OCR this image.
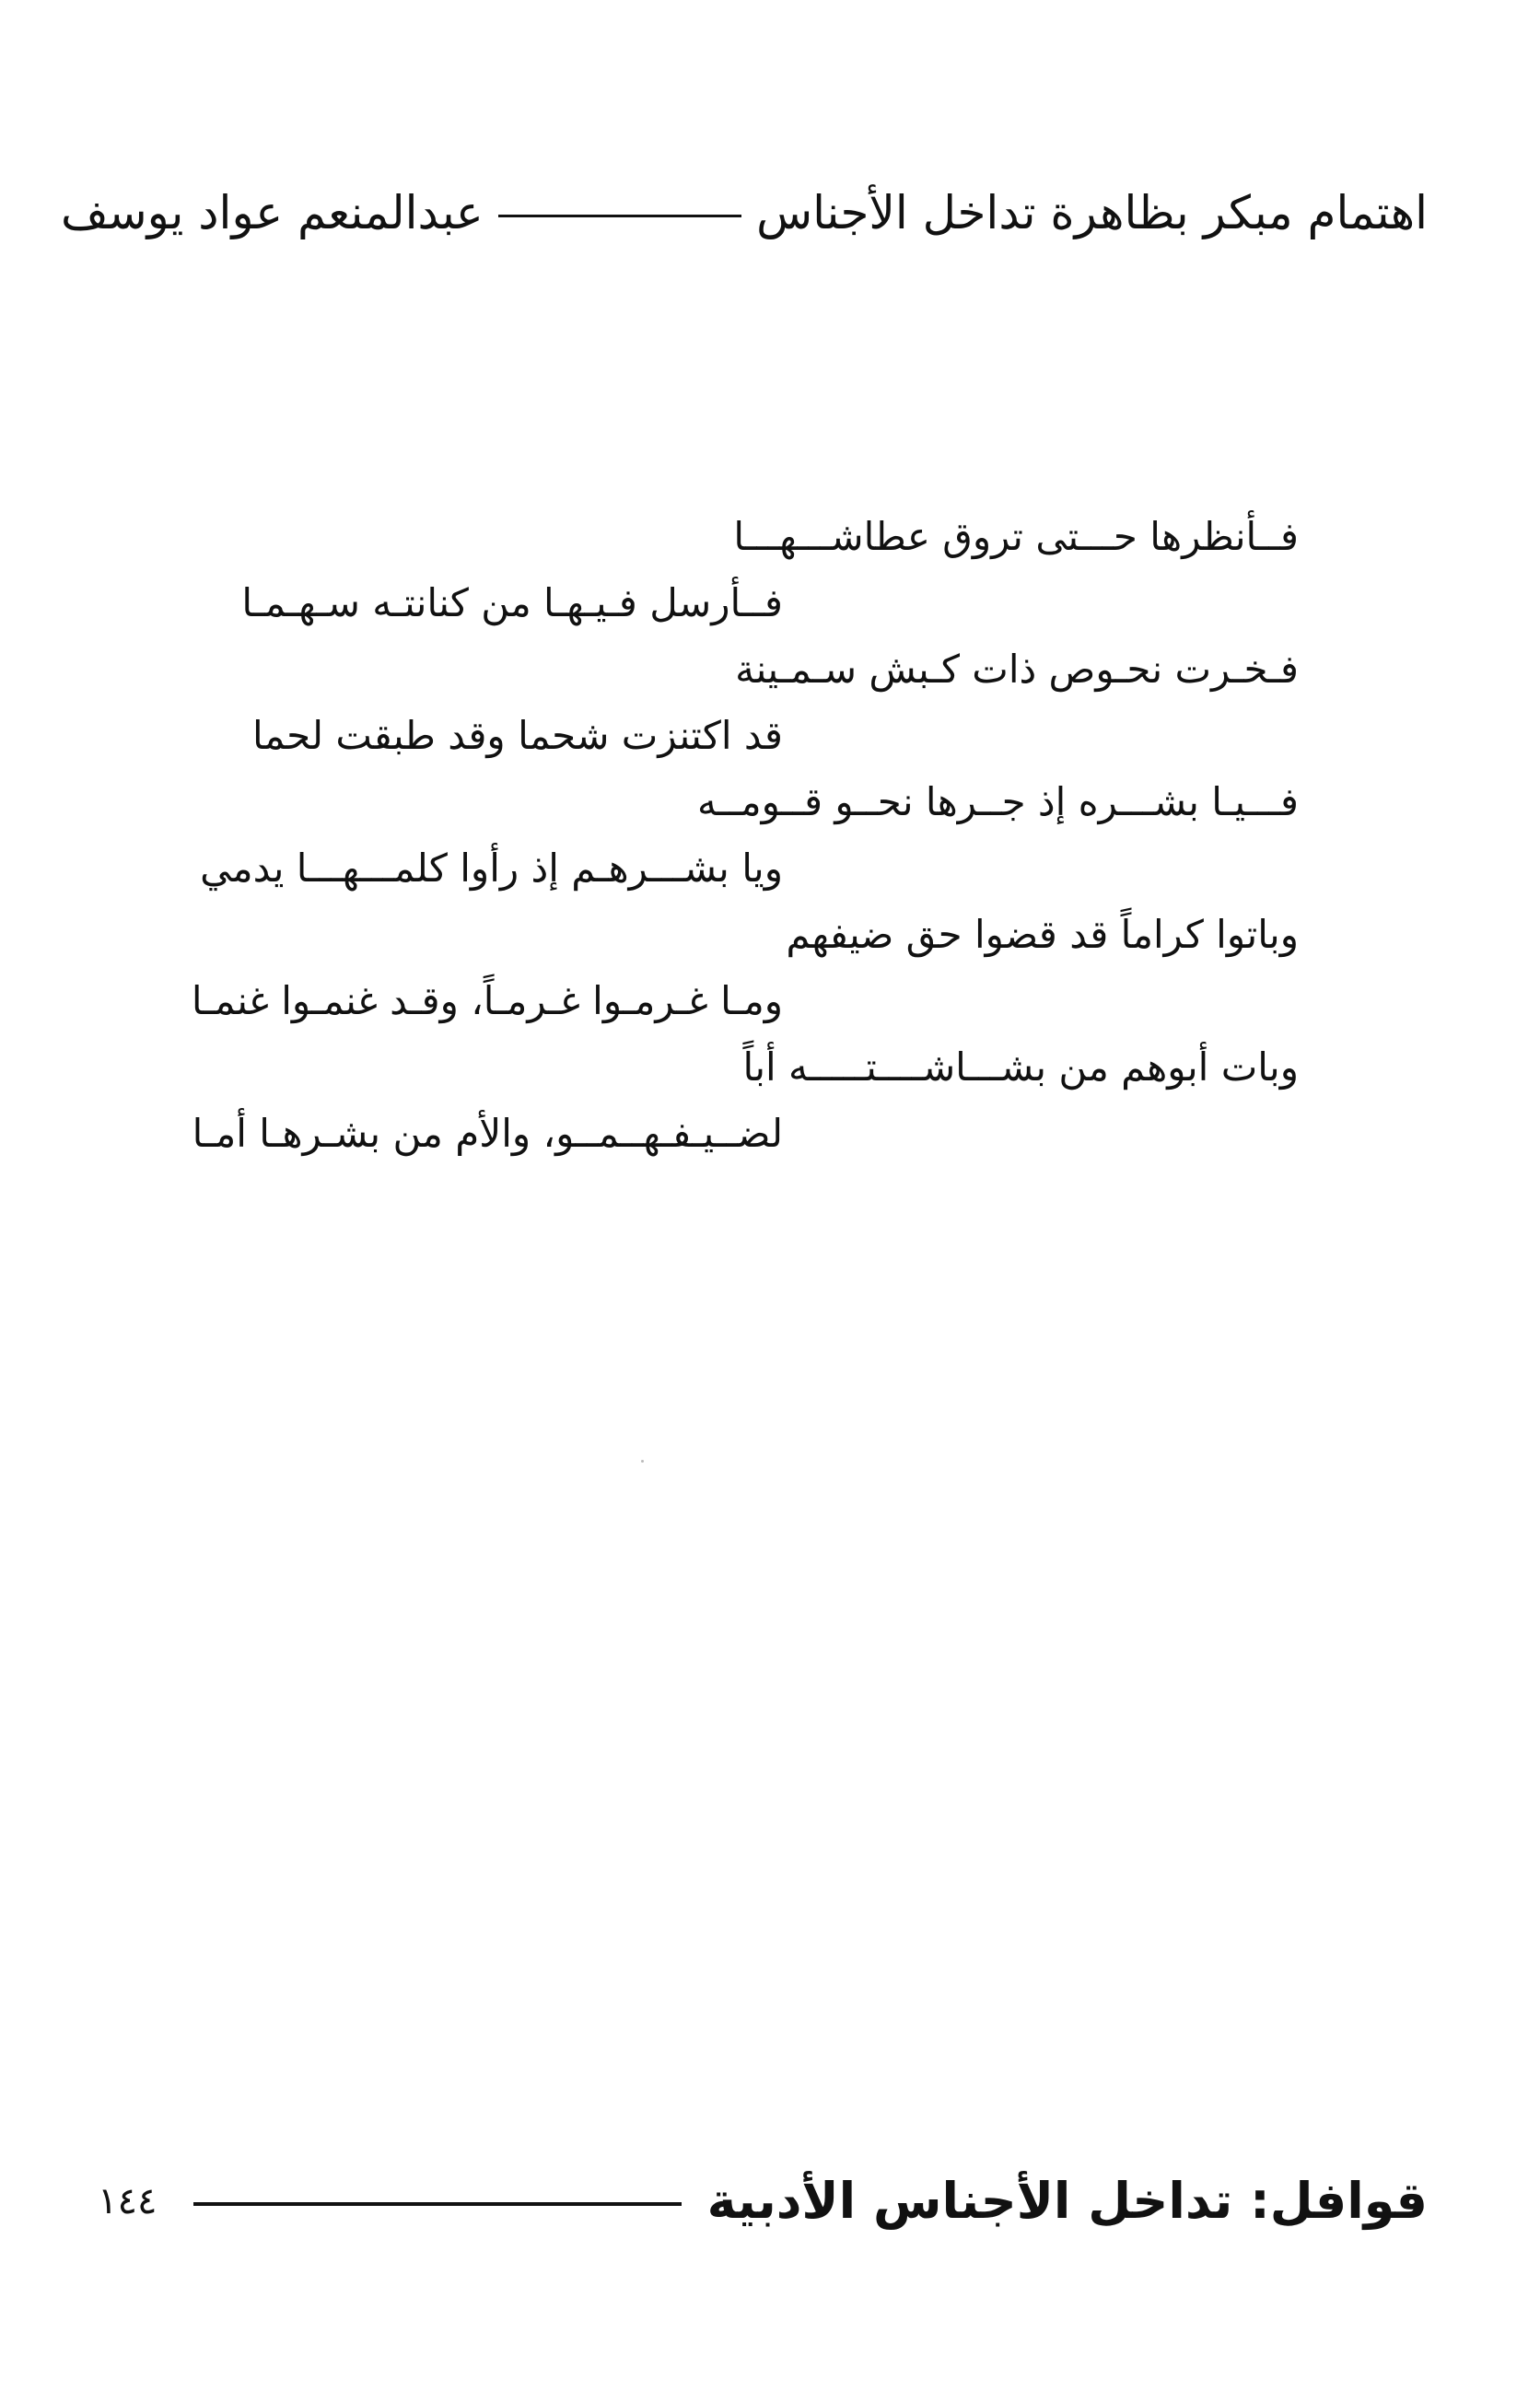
اهتمام مبكر بظاهرة تداخل الأجناس
عبدالمنعم عواد يوسف
فــأنظرها حـــتى تروق عطاشـــهـــا
فــأرسل فـيـهـا من كنانتـه سـهـمـا
فـخـرت نحـوص ذات كـبش سـمـينة
قد اكتنزت شحما وقد طبقت لحما
فـــيـا بشـــره إذ جــرها نحــو قــومــه
ويا بشـــرهـم إذ رأوا كلمـــهـــا يدمي
وباتوا كراماً قد قضوا حق ضيفهم
ومـا غـرمـوا غـرمـاً، وقـد غنمـوا غنمـا
وبات أبوهم من بشـــاشــــتـــــه أباً
لضــيـفـهــمــو، والأم من بشـرهـا أمـا
قوافل: تداخل الأجناس الأدبية
١٤٤
